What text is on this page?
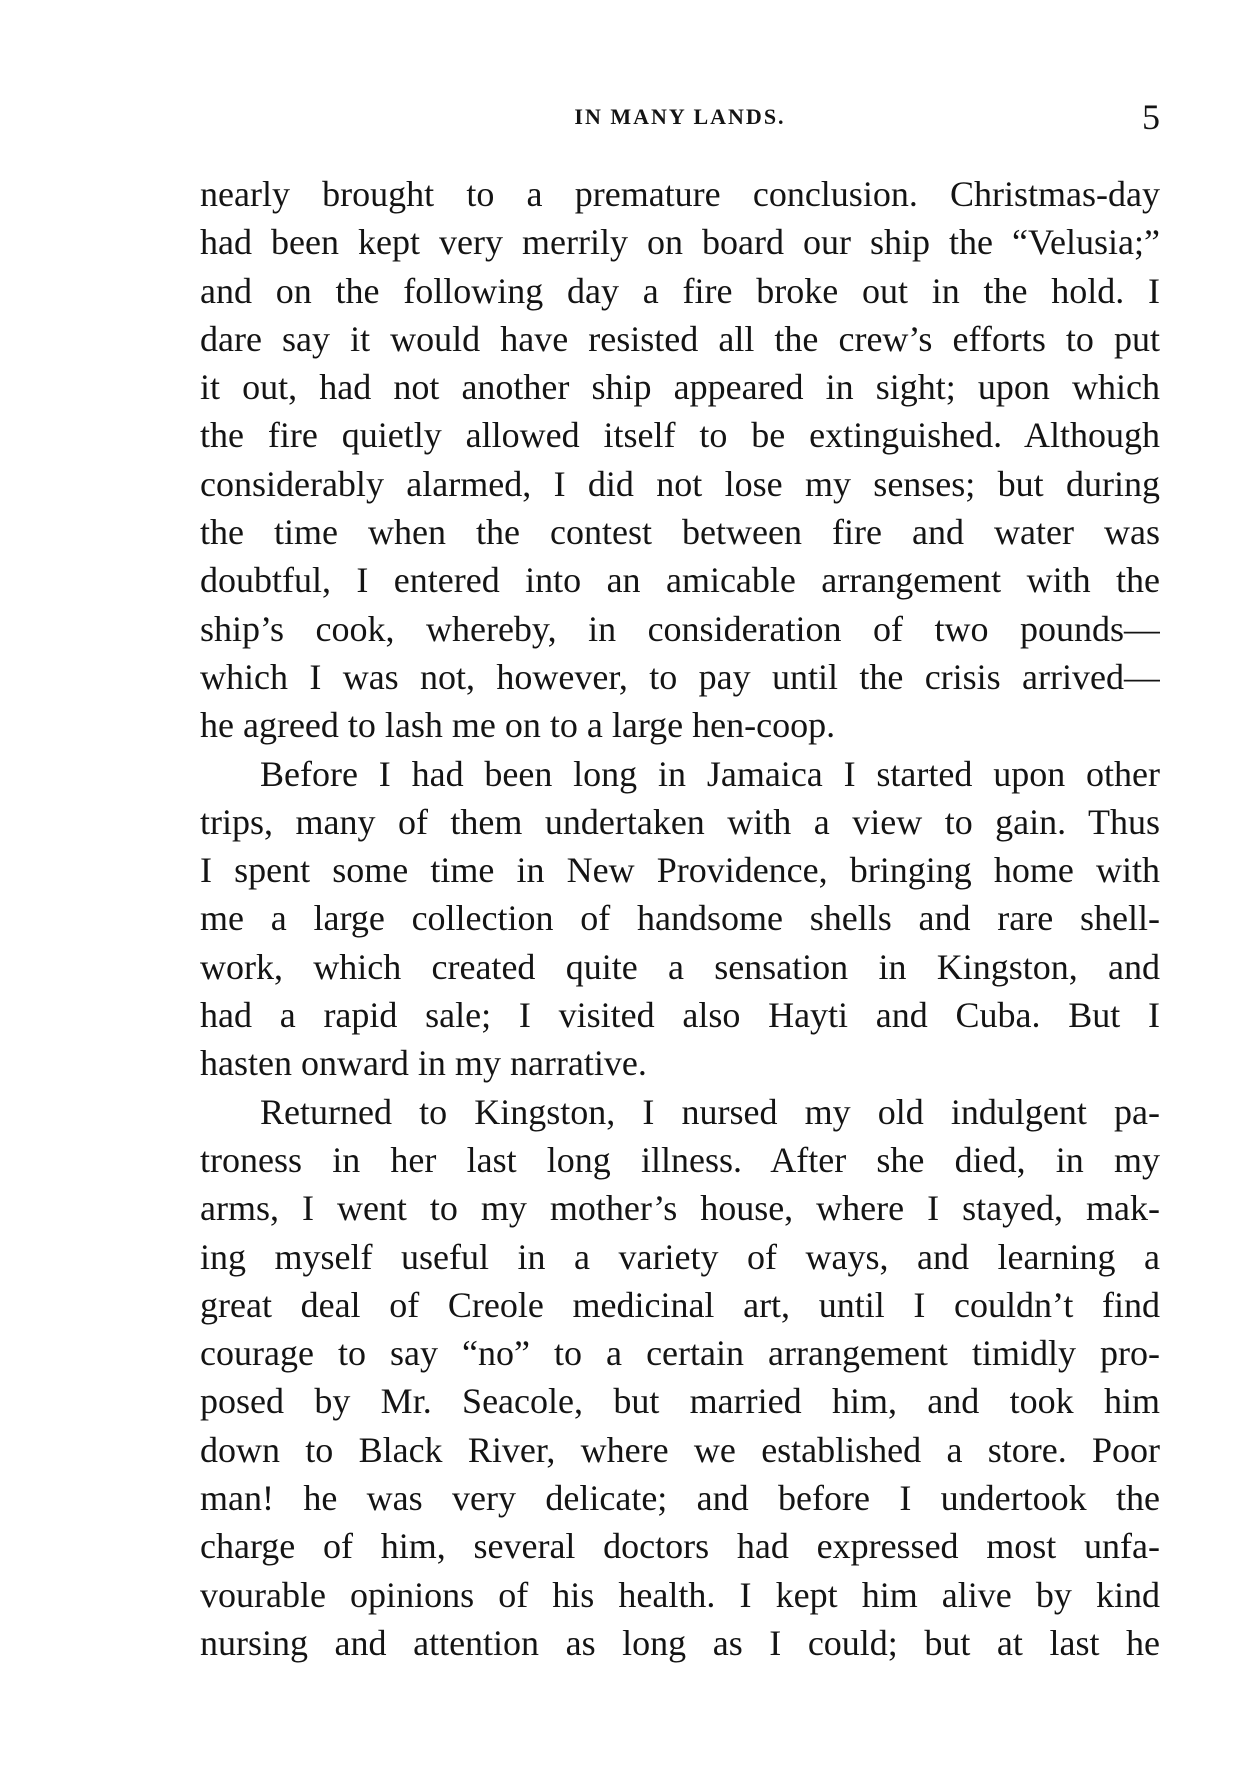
IN MANY LANDS.	5
nearly brought to a premature conclusion. Christmas-day
had been kept very merrily on board our ship the “Velusia;”
and on the following day a fire broke out in the hold. I
dare say it would have resisted all the crew’s efforts to put
it out, had not another ship appeared in sight; upon which
the fire quietly allowed itself to be extinguished. Although
considerably alarmed, I did not lose my senses; but during
the time when the contest between fire and water was
doubtful, I entered into an amicable arrangement with the
ship’s cook, whereby, in consideration of two pounds—
which I was not, however, to pay until the crisis arrived—
he agreed to lash me on to a large hen-coop.
Before I had been long in Jamaica I started upon other
trips, many of them undertaken with a view to gain. Thus
I spent some time in New Providence, bringing home with
me a large collection of handsome shells and rare shell-
work, which created quite a sensation in Kingston, and
had a rapid sale; I visited also Hayti and Cuba. But I
hasten onward in my narrative.
Returned to Kingston, I nursed my old indulgent pa-
troness in her last long illness. After she died, in my
arms, I went to my mother’s house, where I stayed, mak-
ing myself useful in a variety of ways, and learning a
great deal of Creole medicinal art, until I couldn’t find
courage to say “no” to a certain arrangement timidly pro-
posed by Mr. Seacole, but married him, and took him
down to Black River, where we established a store. Poor
man! he was very delicate; and before I undertook the
charge of him, several doctors had expressed most unfa-
vourable opinions of his health. I kept him alive by kind
nursing and attention as long as I could; but at last he
